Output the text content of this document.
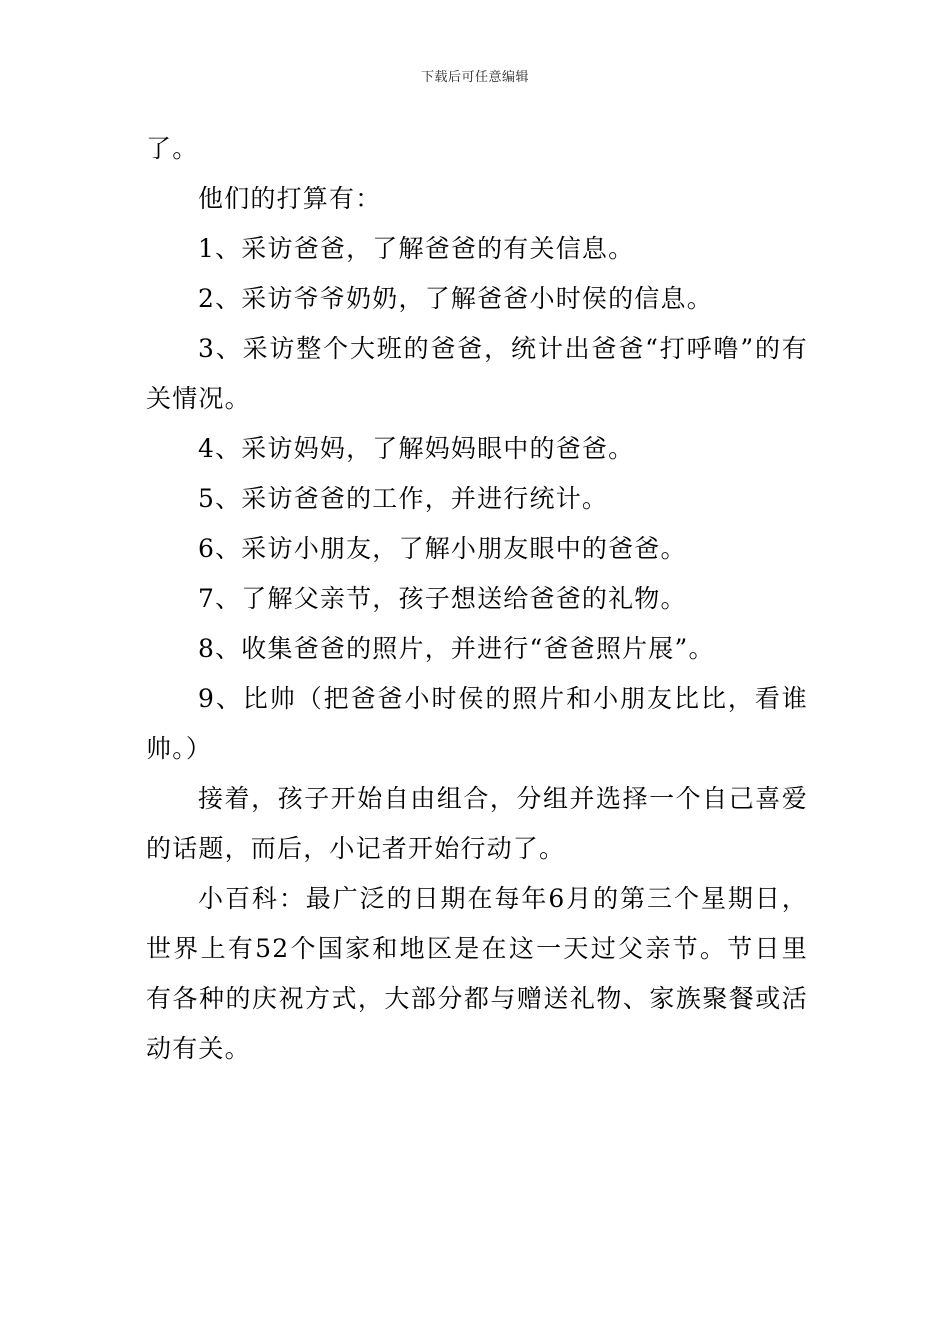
下载后可任意编辑

了。

他们的打算有：

1、采访爸爸，了解爸爸的有关信息。

2、采访爷爷奶奶，了解爸爸小时侯的信息。

3、采访整个大班的爸爸，统计出爸爸“打呼噜”的有关情况。

4、采访妈妈，了解妈妈眼中的爸爸。

5、采访爸爸的工作，并进行统计。

6、采访小朋友，了解小朋友眼中的爸爸。

7、了解父亲节，孩子想送给爸爸的礼物。

8、收集爸爸的照片，并进行“爸爸照片展”。

9、比帅（把爸爸小时侯的照片和小朋友比比，看谁帅。）

接着，孩子开始自由组合，分组并选择一个自己喜爱的话题，而后，小记者开始行动了。

小百科：最广泛的日期在每年6月的第三个星期日，世界上有52个国家和地区是在这一天过父亲节。节日里有各种的庆祝方式，大部分都与赠送礼物、家族聚餐或活动有关。
